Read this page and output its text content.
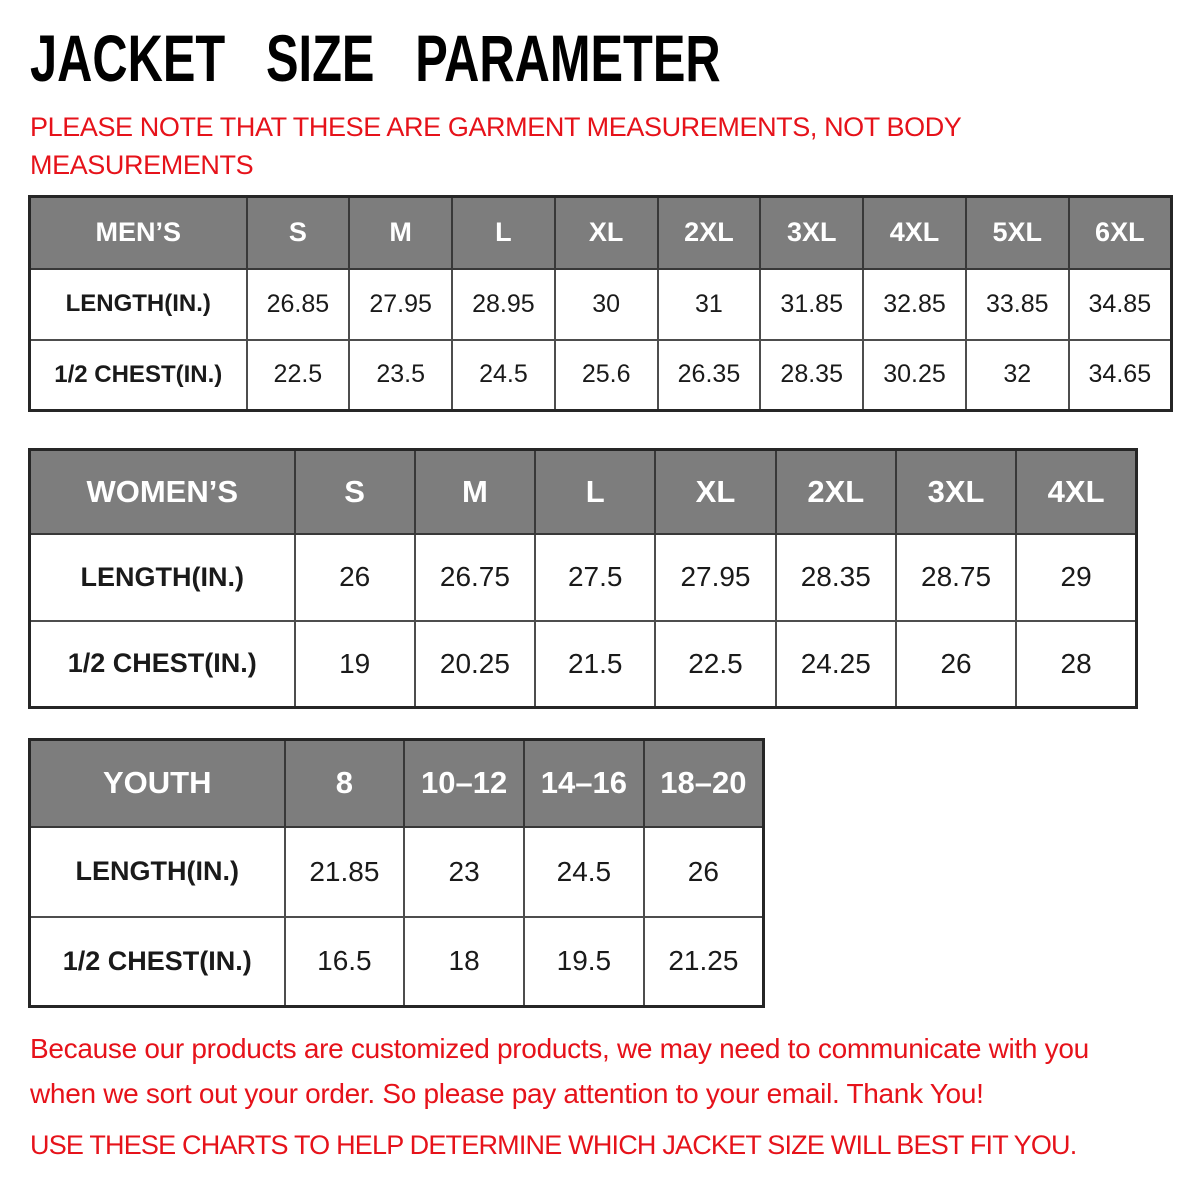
JACKET SIZE PARAMETER
PLEASE NOTE THAT THESE ARE GARMENT MEASUREMENTS, NOT BODY
MEASUREMENTS
MEN’S	S	M	L	XL	2XL	3XL	4XL	5XL	6XL
LENGTH(IN.)	26.85	27.95	28.95	30	31	31.85	32.85	33.85	34.85
1/2 CHEST(IN.)	22.5	23.5	24.5	25.6	26.35	28.35	30.25	32	34.65
WOMEN’S	S	M	L	XL	2XL	3XL	4XL
LENGTH(IN.)	26	26.75	27.5	27.95	28.35	28.75	29
1/2 CHEST(IN.)	19	20.25	21.5	22.5	24.25	26	28
YOUTH	8	10–12	14–16	18–20
LENGTH(IN.)	21.85	23	24.5	26
1/2 CHEST(IN.)	16.5	18	19.5	21.25
Because our products are customized products, we may need to communicate with you
when we sort out your order. So please pay attention to your email. Thank You!
USE THESE CHARTS TO HELP DETERMINE WHICH JACKET SIZE WILL BEST FIT YOU.
